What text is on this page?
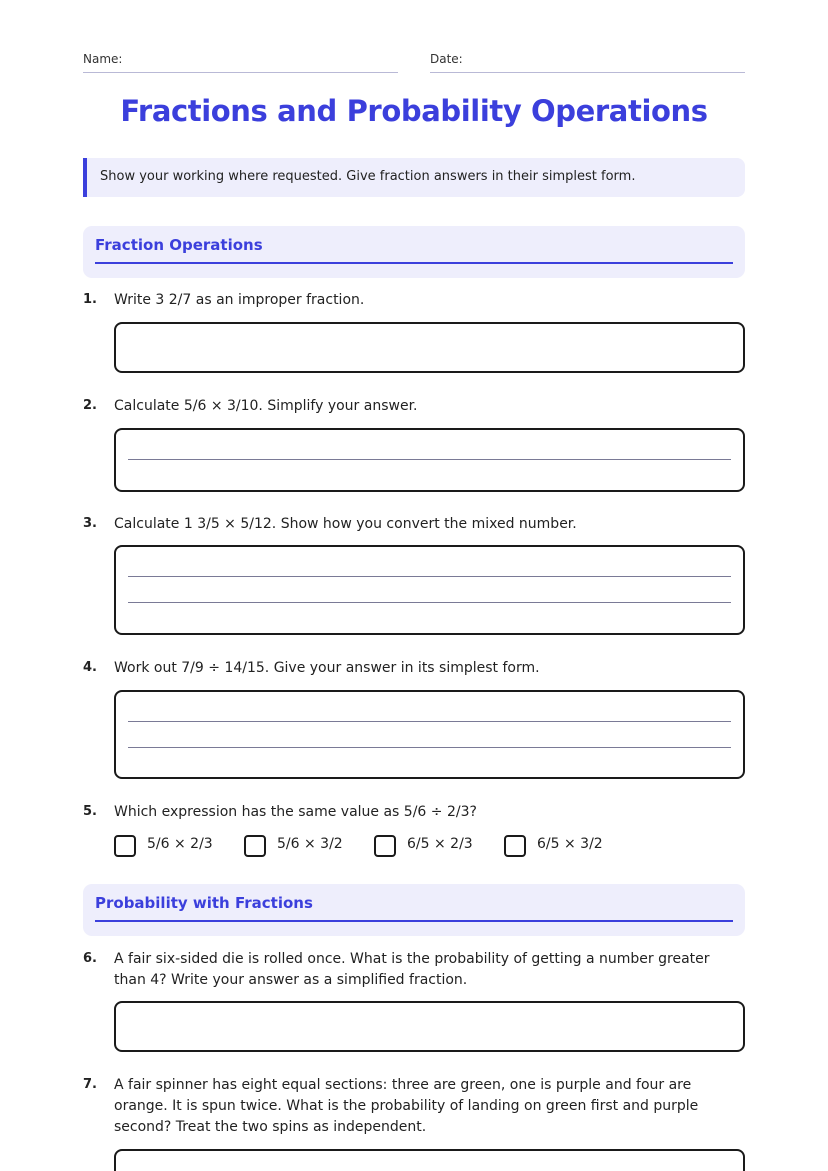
Name:	Date:
Fractions and Probability Operations
Show your working where requested. Give fraction answers in their simplest form.
Fraction Operations
1. Write 3 2/7 as an improper fraction.
2. Calculate 5/6 × 3/10. Simplify your answer.
3. Calculate 1 3/5 × 5/12. Show how you convert the mixed number.
4. Work out 7/9 ÷ 14/15. Give your answer in its simplest form.
5. Which expression has the same value as 5/6 ÷ 2/3?
5/6 × 2/3	5/6 × 3/2	6/5 × 2/3	6/5 × 3/2
Probability with Fractions
6. A fair six-sided die is rolled once. What is the probability of getting a number greater than 4? Write your answer as a simplified fraction.
7. A fair spinner has eight equal sections: three are green, one is purple and four are orange. It is spun twice. What is the probability of landing on green first and purple second? Treat the two spins as independent.
